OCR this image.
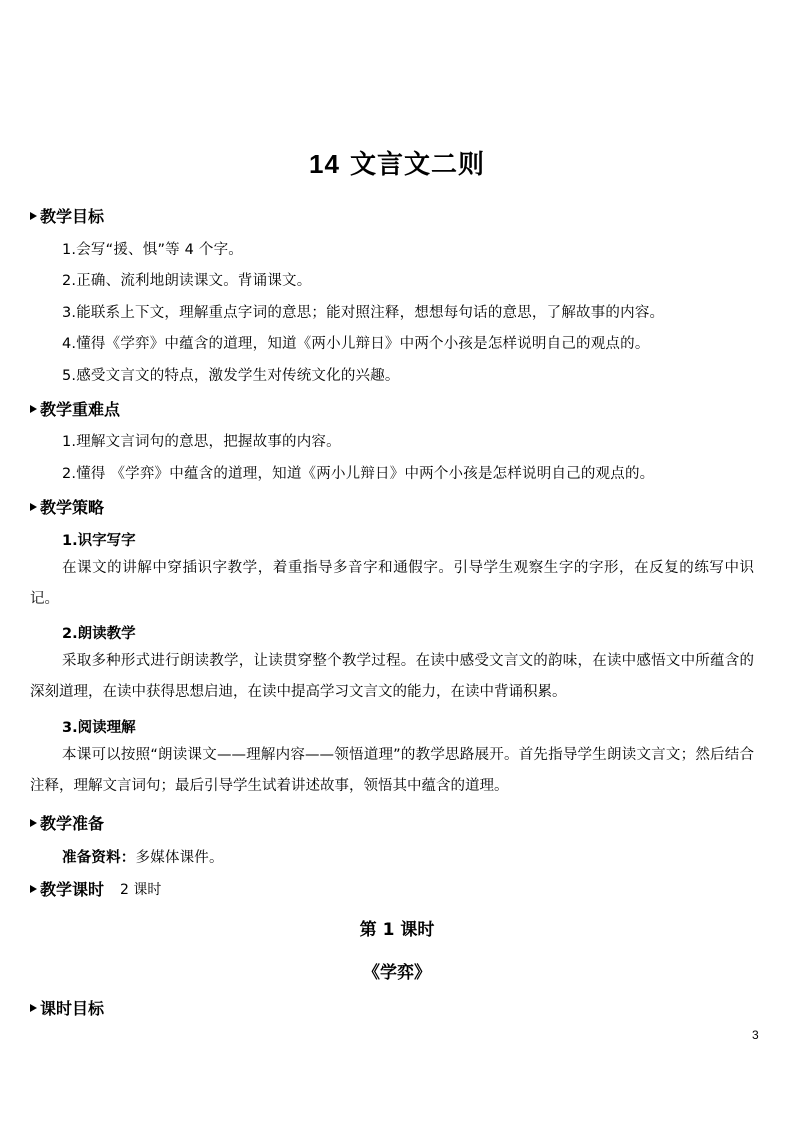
14 文言文二则
教学目标
1.会写“援、惧”等 4 个字。
2.正确、流利地朗读课文。背诵课文。
3.能联系上下文，理解重点字词的意思；能对照注释，想想每句话的意思，了解故事的内容。
4.懂得《学弈》中蕴含的道理，知道《两小儿辩日》中两个小孩是怎样说明自己的观点的。
5.感受文言文的特点，激发学生对传统文化的兴趣。
教学重难点
1.理解文言词句的意思，把握故事的内容。
2.懂得 《学弈》中蕴含的道理，知道《两小儿辩日》中两个小孩是怎样说明自己的观点的。
教学策略
1.识字写字
在课文的讲解中穿插识字教学，着重指导多音字和通假字。引导学生观察生字的字形，在反复的练写中识记。
2.朗读教学
采取多种形式进行朗读教学，让读贯穿整个教学过程。在读中感受文言文的韵味，在读中感悟文中所蕴含的深刻道理，在读中获得思想启迪，在读中提高学习文言文的能力，在读中背诵积累。
3.阅读理解
本课可以按照“朗读课文——理解内容——领悟道理”的教学思路展开。首先指导学生朗读文言文；然后结合注释，理解文言词句；最后引导学生试着讲述故事，领悟其中蕴含的道理。
教学准备
准备资料：多媒体课件。
教学课时 2 课时
第 1 课时
《学弈》
课时目标
3
